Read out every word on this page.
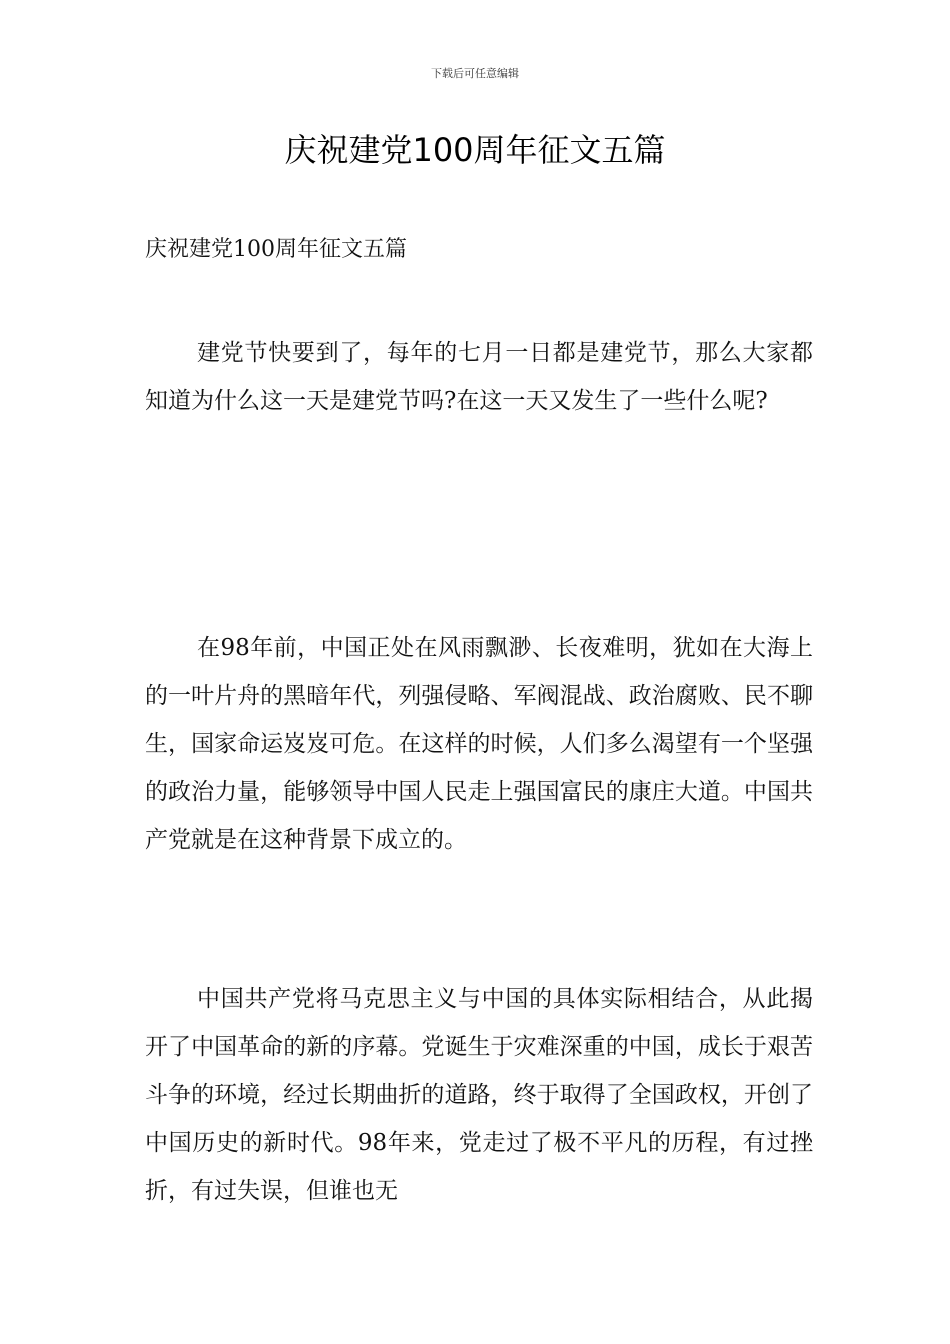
下载后可任意编辑
庆祝建党100周年征文五篇

庆祝建党100周年征文五篇

建党节快要到了，每年的七月一日都是建党节，那么大家都知道为什么这一天是建党节吗?在这一天又发生了一些什么呢?

在98年前，中国正处在风雨飘渺、长夜难明，犹如在大海上的一叶片舟的黑暗年代，列强侵略、军阀混战、政治腐败、民不聊生，国家命运岌岌可危。在这样的时候，人们多么渴望有一个坚强的政治力量，能够领导中国人民走上强国富民的康庄大道。中国共产党就是在这种背景下成立的。

中国共产党将马克思主义与中国的具体实际相结合，从此揭开了中国革命的新的序幕。党诞生于灾难深重的中国，成长于艰苦斗争的环境，经过长期曲折的道路，终于取得了全国政权，开创了中国历史的新时代。98年来，党走过了极不平凡的历程，有过挫折，有过失误，但谁也无
